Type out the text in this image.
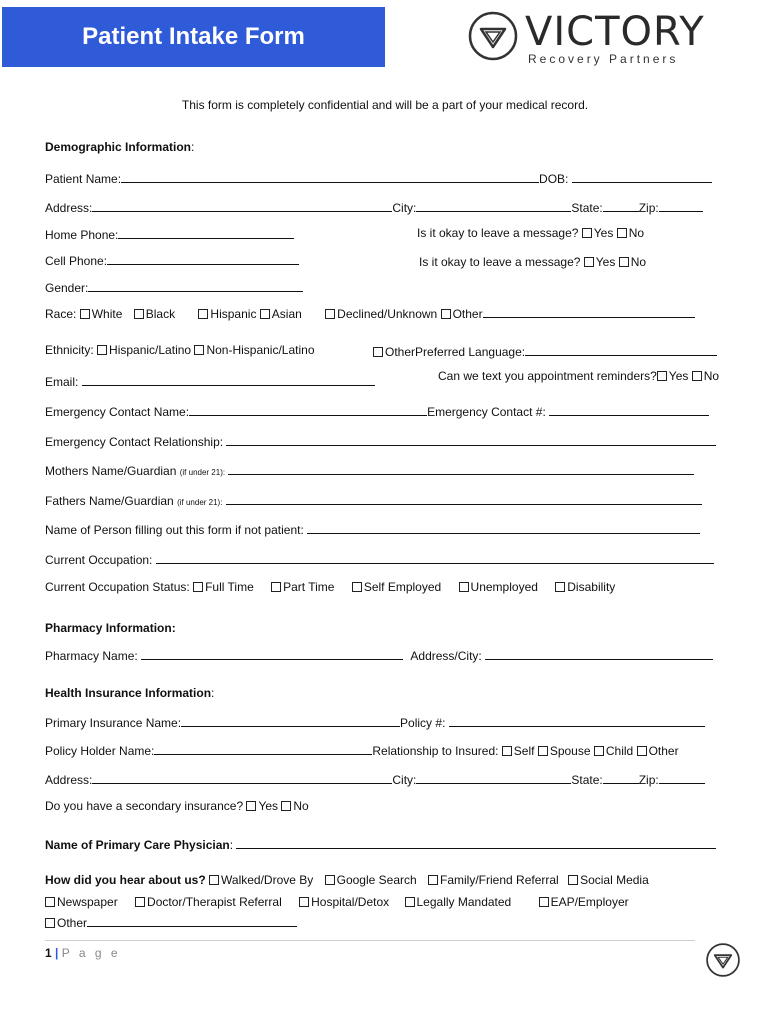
Patient Intake Form	VICTORY
Recovery Partners
This form is completely confidential and will be a part of your medical record.
Demographic Information:
Patient Name:	DOB:
Address:	City:	State:	Zip:
Home Phone:	Is it okay to leave a message? Yes No
Cell Phone:	Is it okay to leave a message? Yes No
Gender:
Race: White Black	Hispanic Asian	Declined/Unknown Other
Ethnicity: Hispanic/Latino Non-Hispanic/Latino	OtherPreferred Language:
Email:	Can we text you appointment reminders? Yes No
Emergency Contact Name:	Emergency Contact #:
Emergency Contact Relationship:
Mothers Name/Guardian (if under 21):
Fathers Name/Guardian (if under 21):
Name of Person filling out this form if not patient:
Current Occupation:
Current Occupation Status: Full Time Part Time Self Employed Unemployed Disability
Pharmacy Information:
Pharmacy Name:	Address/City:
Health Insurance Information:
Primary Insurance Name:	Policy #:
Policy Holder Name:	Relationship to Insured: Self Spouse Child Other
Address:	City:	State:	Zip:
Do you have a secondary insurance? Yes No
Name of Primary Care Physician:
How did you hear about us? Walked/Drove By Google Search Family/Friend Referral Social Media
Newspaper Doctor/Therapist Referral Hospital/Detox Legally Mandated	EAP/Employer
Other
1 | P a g e
